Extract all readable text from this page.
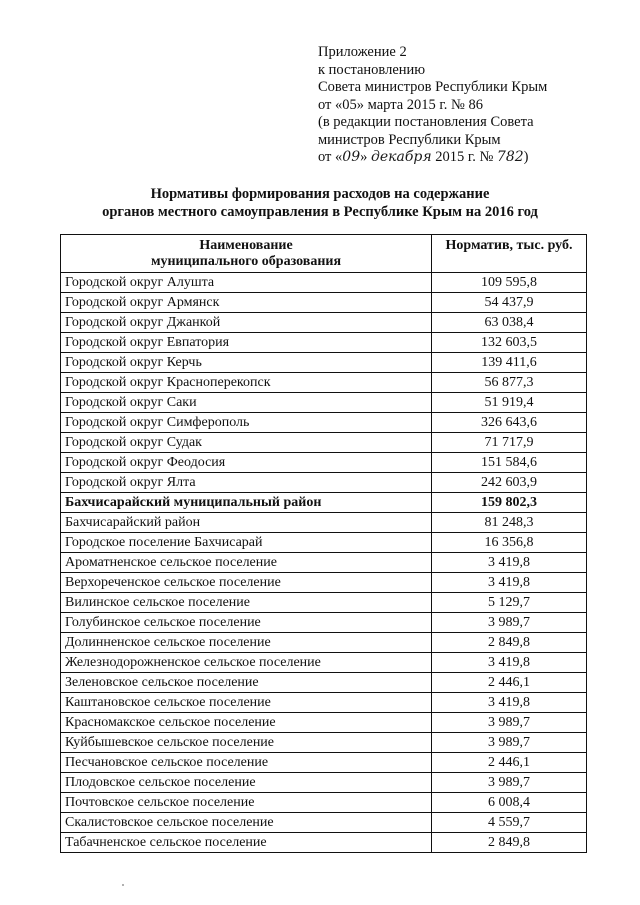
Приложение 2
к постановлению
Совета министров Республики Крым
от «05» марта 2015 г. № 86
(в редакции постановления Совета
министров Республики Крым
от «09» декабря 2015 г. № 782)
Нормативы формирования расходов на содержание
органов местного самоуправления в Республике Крым на 2016 год
Наименование
муниципального образования	Норматив, тыс. руб.
Городской округ Алушта	109 595,8
Городской округ Армянск	54 437,9
Городской округ Джанкой	63 038,4
Городской округ Евпатория	132 603,5
Городской округ Керчь	139 411,6
Городской округ Красноперекопск	56 877,3
Городской округ Саки	51 919,4
Городской округ Симферополь	326 643,6
Городской округ Судак	71 717,9
Городской округ Феодосия	151 584,6
Городской округ Ялта	242 603,9
Бахчисарайский муниципальный район	159 802,3
Бахчисарайский район	81 248,3
Городское поселение Бахчисарай	16 356,8
Ароматненское сельское поселение	3 419,8
Верхореченское сельское поселение	3 419,8
Вилинское сельское поселение	5 129,7
Голубинское сельское поселение	3 989,7
Долинненское сельское поселение	2 849,8
Железнодорожненское сельское поселение	3 419,8
Зеленовское сельское поселение	2 446,1
Каштановское сельское поселение	3 419,8
Красномакское сельское поселение	3 989,7
Куйбышевское сельское поселение	3 989,7
Песчановское сельское поселение	2 446,1
Плодовское сельское поселение	3 989,7
Почтовское сельское поселение	6 008,4
Скалистовское сельское поселение	4 559,7
Табачненское сельское поселение	2 849,8
